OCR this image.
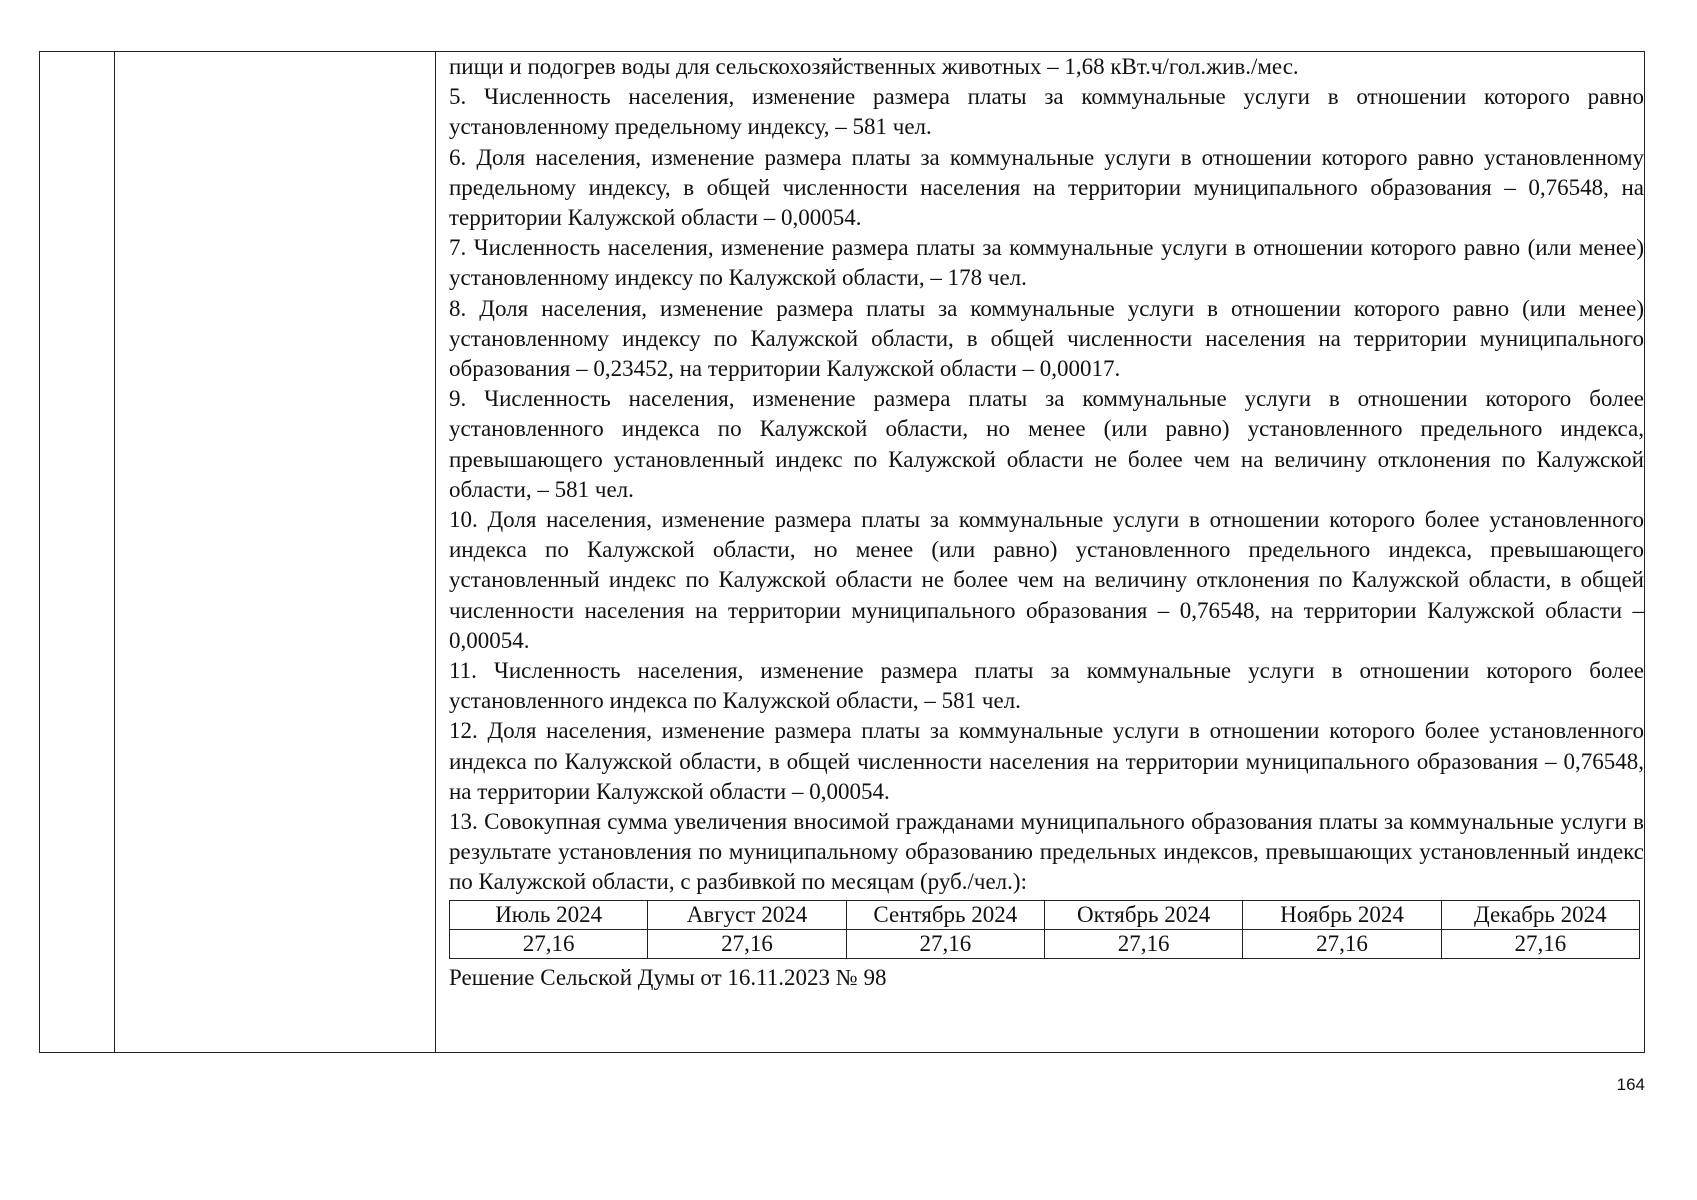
пищи и подогрев воды для сельскохозяйственных животных – 1,68 кВт.ч/гол.жив./мес.

5. Численность населения, изменение размера платы за коммунальные услуги в отношении которого равно установленному предельному индексу, – 581 чел.

6. Доля населения, изменение размера платы за коммунальные услуги в отношении которого равно установленному предельному индексу, в общей численности населения на территории муниципального образования – 0,76548, на территории Калужской области – 0,00054.

7. Численность населения, изменение размера платы за коммунальные услуги в отношении которого равно (или менее) установленному индексу по Калужской области, – 178 чел.

8. Доля населения, изменение размера платы за коммунальные услуги в отношении которого равно (или менее) установленному индексу по Калужской области, в общей численности населения на территории муниципального образования – 0,23452, на территории Калужской области – 0,00017.

9. Численность населения, изменение размера платы за коммунальные услуги в отношении которого более установленного индекса по Калужской области, но менее (или равно) установленного предельного индекса, превышающего установленный индекс по Калужской области не более чем на величину отклонения по Калужской области, – 581 чел.

10. Доля населения, изменение размера платы за коммунальные услуги в отношении которого более установленного индекса по Калужской области, но менее (или равно) установленного предельного индекса, превышающего установленный индекс по Калужской области не более чем на величину отклонения по Калужской области, в общей численности населения на территории муниципального образования – 0,76548, на территории Калужской области – 0,00054.

11. Численность населения, изменение размера платы за коммунальные услуги в отношении которого более установленного индекса по Калужской области, – 581 чел.

12. Доля населения, изменение размера платы за коммунальные услуги в отношении которого более установленного индекса по Калужской области, в общей численности населения на территории муниципального образования – 0,76548, на территории Калужской области – 0,00054.

13. Совокупная сумма увеличения вносимой гражданами муниципального образования платы за коммунальные услуги в результате установления по муниципальному образованию предельных индексов, превышающих установленный индекс по Калужской области, с разбивкой по месяцам (руб./чел.):

Июль 2024	Август 2024	Сентябрь 2024	Октябрь 2024	Ноябрь 2024	Декабрь 2024
27,16	27,16	27,16	27,16	27,16	27,16

Решение Сельской Думы от 16.11.2023 № 98

164
